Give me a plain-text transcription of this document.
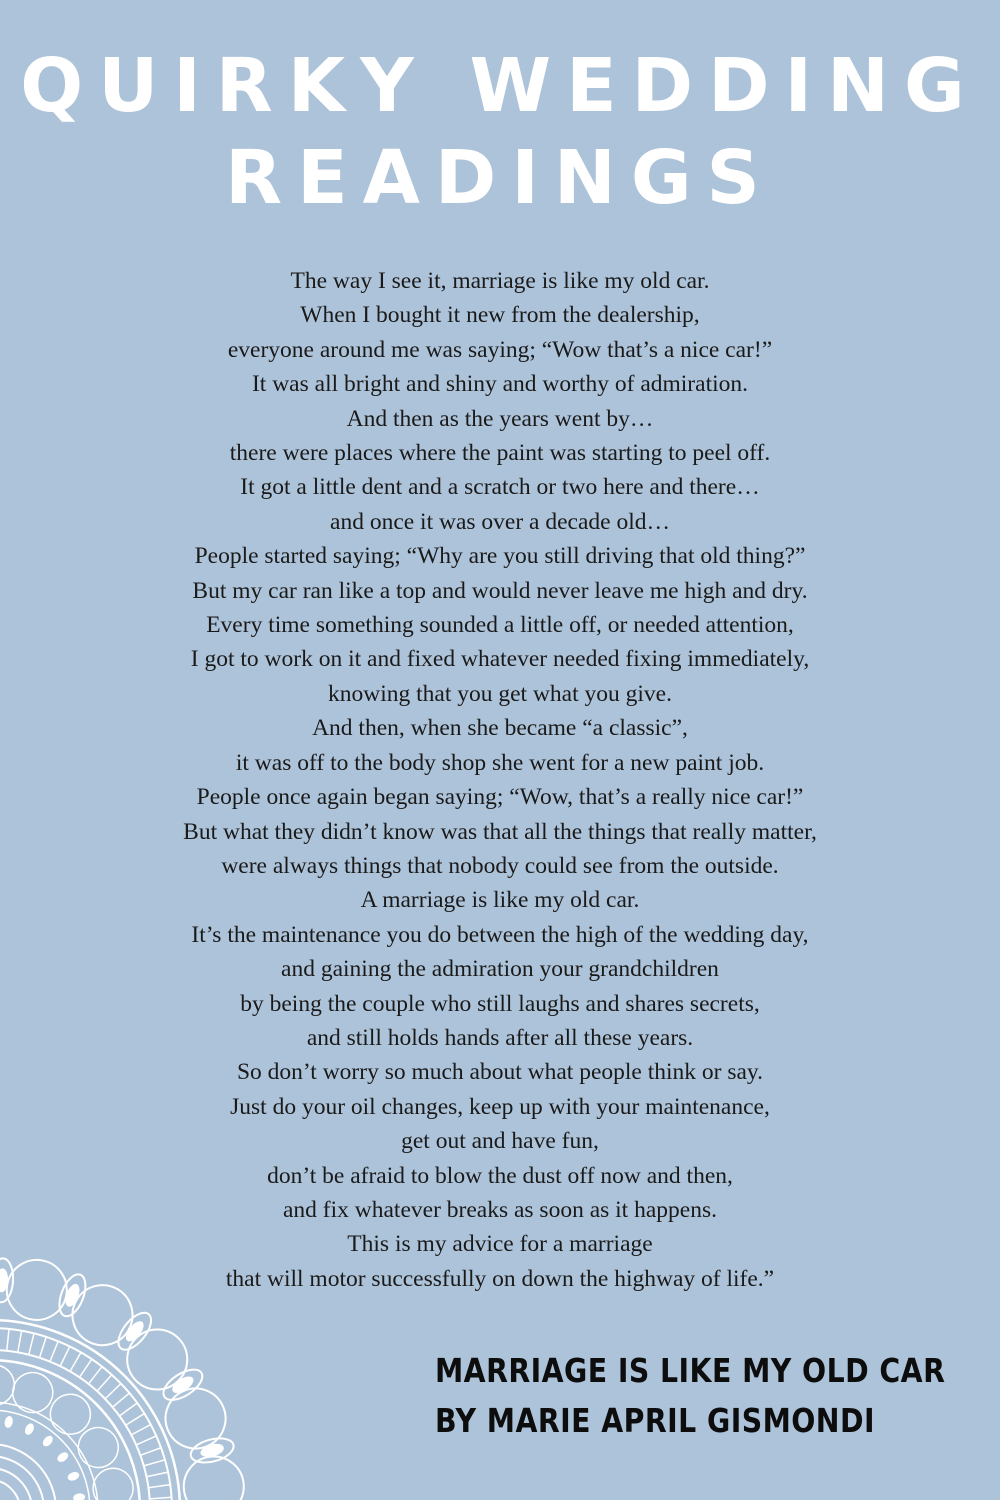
QUIRKY WEDDING
READINGS
The way I see it, marriage is like my old car.
When I bought it new from the dealership,
everyone around me was saying; “Wow that’s a nice car!”
It was all bright and shiny and worthy of admiration.
And then as the years went by…
there were places where the paint was starting to peel off.
It got a little dent and a scratch or two here and there…
and once it was over a decade old…
People started saying; “Why are you still driving that old thing?”
But my car ran like a top and would never leave me high and dry.
Every time something sounded a little off, or needed attention,
I got to work on it and fixed whatever needed fixing immediately,
knowing that you get what you give.
And then, when she became “a classic”,
it was off to the body shop she went for a new paint job.
People once again began saying; “Wow, that’s a really nice car!”
But what they didn’t know was that all the things that really matter,
were always things that nobody could see from the outside.
A marriage is like my old car.
It’s the maintenance you do between the high of the wedding day,
and gaining the admiration your grandchildren
by being the couple who still laughs and shares secrets,
and still holds hands after all these years.
So don’t worry so much about what people think or say.
Just do your oil changes, keep up with your maintenance,
get out and have fun,
don’t be afraid to blow the dust off now and then,
and fix whatever breaks as soon as it happens.
This is my advice for a marriage
that will motor successfully on down the highway of life.”
MARRIAGE IS LIKE MY OLD CAR
BY MARIE APRIL GISMONDI
